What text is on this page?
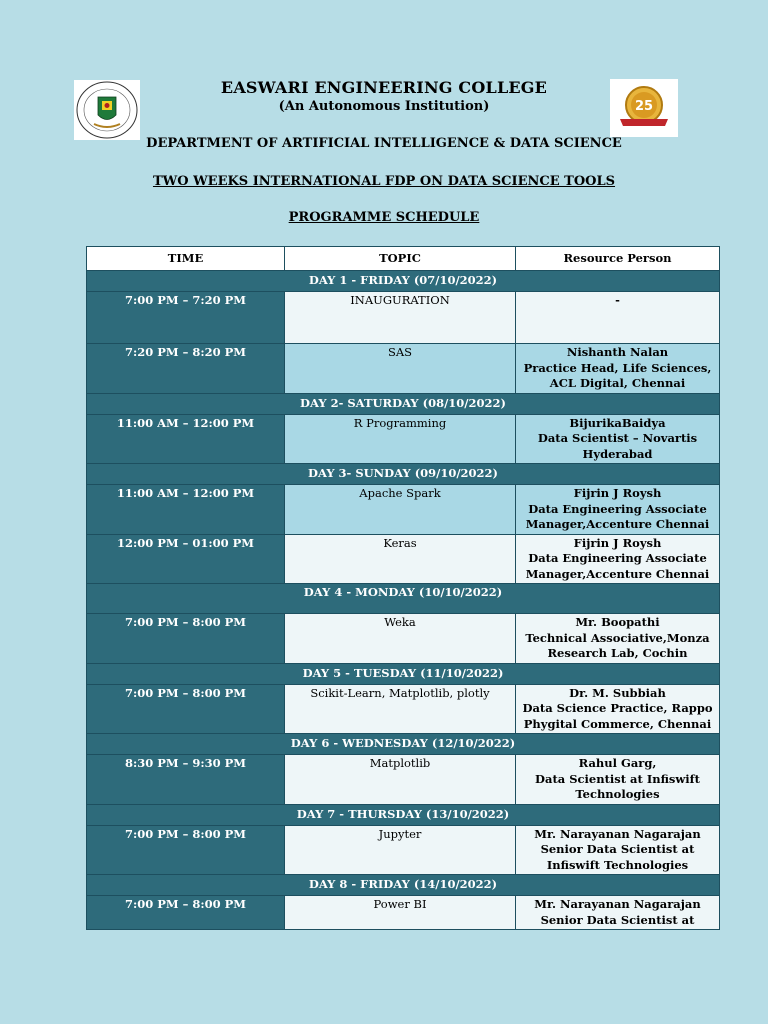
25
EASWARI ENGINEERING COLLEGE
(An Autonomous Institution)
DEPARTMENT OF ARTIFICIAL INTELLIGENCE & DATA SCIENCE
TWO WEEKS INTERNATIONAL FDP ON DATA SCIENCE TOOLS
PROGRAMME SCHEDULE
TIME	TOPIC	Resource Person
DAY 1 - FRIDAY (07/10/2022)		
7:00 PM – 7:20 PM	INAUGURATION	-

7:20 PM – 8:20 PM	SAS	Nishanth Nalan
Practice Head, Life Sciences,
ACL Digital, Chennai

DAY 2- SATURDAY (08/10/2022)		
11:00 AM – 12:00 PM	R Programming	BijurikaBaidya
Data Scientist – Novartis
Hyderabad

DAY 3- SUNDAY (09/10/2022)		
11:00 AM – 12:00 PM	Apache Spark	Fijrin J Roysh
Data Engineering Associate
Manager,Accenture Chennai

12:00 PM – 01:00 PM	Keras	Fijrin J Roysh
Data Engineering Associate
Manager,Accenture Chennai

DAY 4 - MONDAY (10/10/2022)		
7:00 PM – 8:00 PM	Weka	Mr. Boopathi
Technical Associative,Monza
Research Lab, Cochin

DAY 5 - TUESDAY (11/10/2022)		
7:00 PM – 8:00 PM	Scikit-Learn, Matplotlib, plotly	Dr. M. Subbiah
Data Science Practice, Rappo
Phygital Commerce, Chennai

DAY 6 - WEDNESDAY (12/10/2022)		
8:30 PM – 9:30 PM	Matplotlib	Rahul Garg,
Data Scientist at Infiswift
Technologies

DAY 7 - THURSDAY (13/10/2022)		
7:00 PM – 8:00 PM	Jupyter	Mr. Narayanan Nagarajan
Senior Data Scientist at
Infiswift Technologies

DAY 8 - FRIDAY (14/10/2022)		
7:00 PM – 8:00 PM	Power BI	Mr. Narayanan Nagarajan
Senior Data Scientist at
